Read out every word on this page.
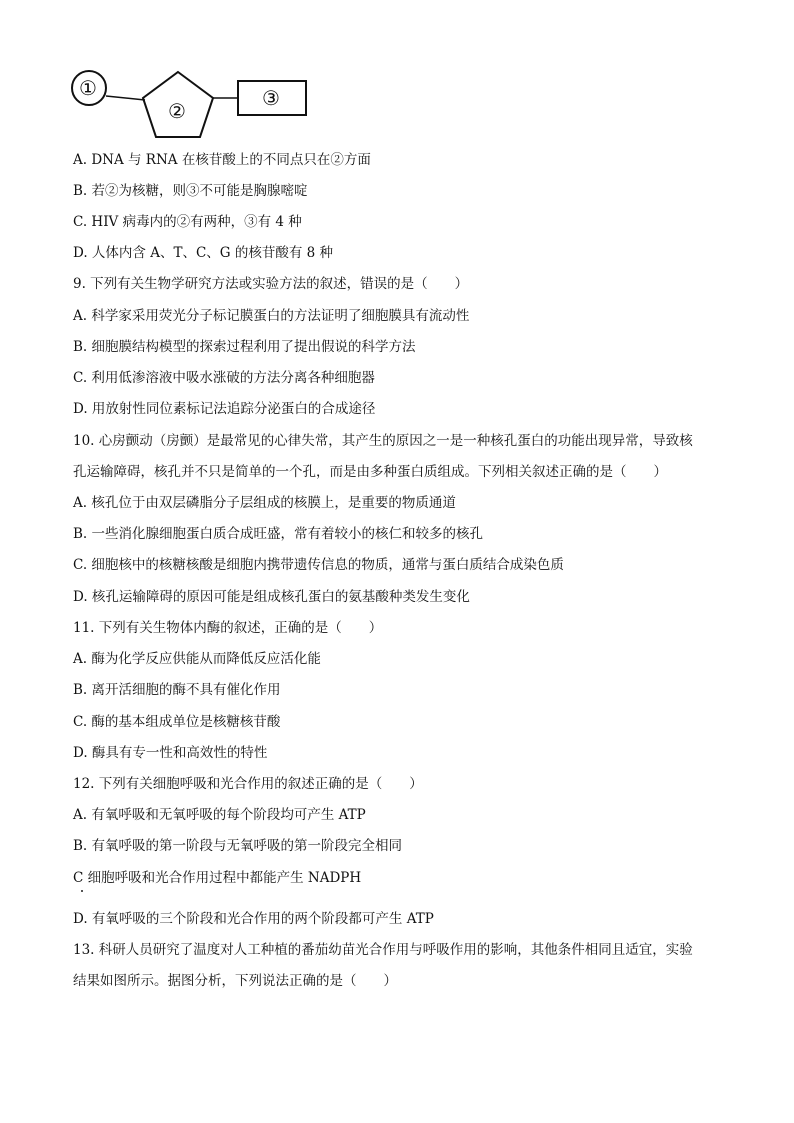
①
②
③
A. DNA 与 RNA 在核苷酸上的不同点只在②方面
B. 若②为核糖，则③不可能是胸腺嘧啶
C. HIV 病毒内的②有两种，③有 4 种
D. 人体内含 A、T、C、G 的核苷酸有 8 种
9. 下列有关生物学研究方法或实验方法的叙述，错误的是（　　）
A. 科学家采用荧光分子标记膜蛋白的方法证明了细胞膜具有流动性
B. 细胞膜结构模型的探索过程利用了提出假说的科学方法
C. 利用低渗溶液中吸水涨破的方法分离各种细胞器
D. 用放射性同位素标记法追踪分泌蛋白的合成途径
10. 心房颤动（房颤）是最常见的心律失常，其产生的原因之一是一种核孔蛋白的功能出现异常，导致核
孔运输障碍，核孔并不只是简单的一个孔，而是由多种蛋白质组成。下列相关叙述正确的是（　　）
A. 核孔位于由双层磷脂分子层组成的核膜上，是重要的物质通道
B. 一些消化腺细胞蛋白质合成旺盛，常有着较小的核仁和较多的核孔
C. 细胞核中的核糖核酸是细胞内携带遗传信息的物质，通常与蛋白质结合成染色质
D. 核孔运输障碍的原因可能是组成核孔蛋白的氨基酸种类发生变化
11. 下列有关生物体内酶的叙述，正确的是（　　）
A. 酶为化学反应供能从而降低反应活化能
B. 离开活细胞的酶不具有催化作用
C. 酶的基本组成单位是核糖核苷酸
D. 酶具有专一性和高效性的特性
12. 下列有关细胞呼吸和光合作用的叙述正确的是（　　）
A. 有氧呼吸和无氧呼吸的每个阶段均可产生 ATP
B. 有氧呼吸的第一阶段与无氧呼吸的第一阶段完全相同
C 细胞呼吸和光合作用过程中都能产生 NADPH
D. 有氧呼吸的三个阶段和光合作用的两个阶段都可产生 ATP
13. 科研人员研究了温度对人工种植的番茄幼苗光合作用与呼吸作用的影响，其他条件相同且适宜，实验
结果如图所示。据图分析，下列说法正确的是（　　）
